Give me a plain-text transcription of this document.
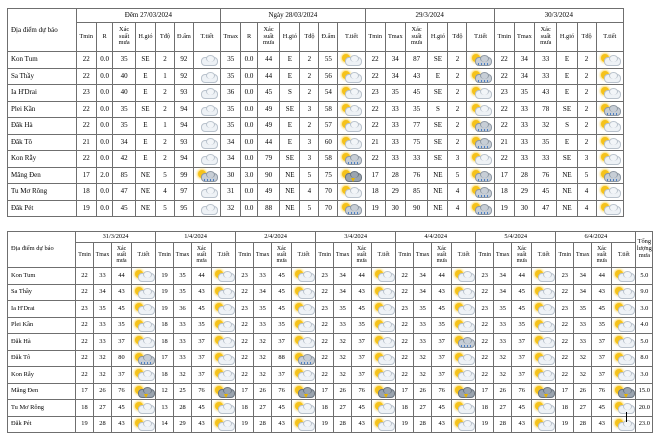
Địa điểm dự báo	Đêm 27/03/2024							Ngày 28/03/2024							29/3/2024						30/3/2024					
	Tmin	R	Xác suất mưa	H.gió	Tđộ	Đ.ẩm	T.tiết	Tmax	R	Xác suất mưa	H.gió	Tđộ	Đ.ẩm	T.tiết	Tmin	Tmax	Xác suất mưa	H.gió	Tđộ	T.tiết	Tmin	Tmax	Xác suất mưa	H.gió	Tđộ	T.tiết
Kon Tum	22	0.0	35	SE	2	92		35	0.0	44	E	2	55		22	34	87	SE	2		22	34	33	E	2	

Sa Thầy	22	0.0	40	E	1	92		35	0.0	44	E	2	56		22	34	43	E	2		22	34	33	E	2	

Ia H'Drai	23	0.0	40	E	2	93		36	0.0	45	S	2	54		23	35	45	SE	2		23	35	43	E	2	

Plei Kần	22	0.0	35	SE	2	94		35	0.0	49	SE	3	58		22	33	35	S	2		22	33	78	SE	2	

Đăk Hà	22	0.0	35	E	1	94		35	0.0	49	E	2	57		22	33	77	SE	2		22	33	32	S	2	

Đăk Tô	21	0.0	34	E	2	93		34	0.0	44	E	3	60		21	33	75	SE	2		21	33	35	E	2	

Kon Rẫy	22	0.0	42	E	2	94		34	0.0	79	SE	3	58		22	33	33	SE	3		22	33	33	SE	3	

Măng Đen	17	2.0	85	NE	5	99		30	3.0	90	NE	5	75		17	28	76	NE	5		17	28	76	NE	5	

Tu Mơ Rông	18	0.0	47	NE	4	97		31	0.0	49	NE	4	70		18	29	85	NE	4		18	29	45	NE	4	

Đăk Pét	19	0.0	45	NE	5	95		32	0.0	88	NE	5	70		19	30	90	NE	4		19	30	47	NE	4	
Địa điểm dự báo	31/3/2024				1/4/2024				2/4/2024				3/4/2024				4/4/2024				5/4/2024				6/4/2024				Tổng lượng mưa
	Tmin	Tmax	Xác suất mưa	T.tiết	Tmin	Tmax	Xác suất mưa	T.tiết	Tmin	Tmax	Xác suất mưa	T.tiết	Tmin	Tmax	Xác suất mưa	T.tiết	Tmin	Tmax	Xác suất mưa	T.tiết	Tmin	Tmax	Xác suất mưa	T.tiết	Tmin	Tmax	Xác suất mưa	T.tiết	
Kon Tum	22	33	44		19	35	44		23	33	45		23	34	44		22	34	44		23	34	44		23	34	44		5.0
Sa Thầy	22	34	43		19	35	43		22	34	45		22	34	43		22	34	43		22	34	45		22	34	43		9.0
Ia H'Drai	23	35	45		19	36	45		23	35	45		23	35	45		23	35	45		23	35	45		23	35	45		3.0
Plei Kần	22	33	35		18	33	35		22	33	35		22	33	35		22	33	35		22	33	35		22	33	35		4.0
Đăk Hà	22	33	37		18	33	37		22	32	37		22	32	37		22	33	37		22	33	37		22	33	37		5.0
Đăk Tô	22	32	80		17	33	37		22	32	88		22	32	37		22	32	37		22	32	37		22	32	37		8.0
Kon Rẫy	22	32	37		18	32	37		22	32	37		22	32	37		22	32	37		22	32	37		22	32	37		3.0
Măng Đen	17	26	76		12	25	76		17	26	76		17	26	76		17	26	76		17	26	76		17	26	76		15.0
Tu Mơ Rông	18	27	45		13	28	45		18	27	45		18	27	45		18	27	45		18	27	45		18	27	45		20.0
Đăk Pét	19	28	43		14	29	43		19	28	43		19	28	43		19	28	43		19	28	43		19	28	43		23.0
